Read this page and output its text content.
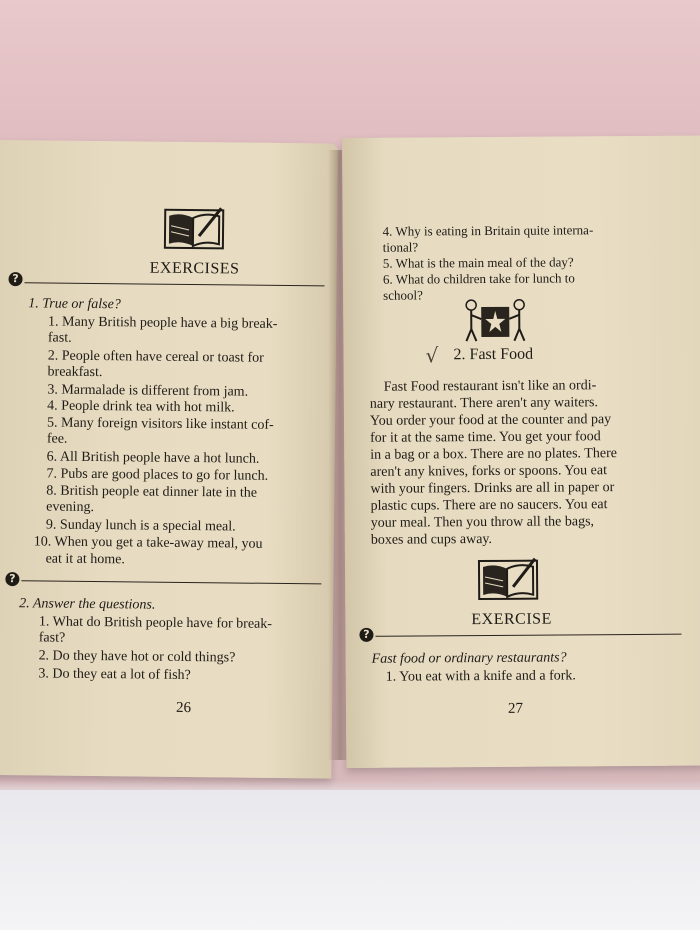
EXERCISES
?
1. True or false?
1. Many British people have a big break-
fast.
2. People often have cereal or toast for
breakfast.
3. Marmalade is different from jam.
4. People drink tea with hot milk.
5. Many foreign visitors like instant cof-
fee.
6. All British people have a hot lunch.
7. Pubs are good places to go for lunch.
8. British people eat dinner late in the
evening.
9. Sunday lunch is a special meal.
10. When you get a take-away meal, you
eat it at home.
?
2. Answer the questions.
1. What do British people have for break-
fast?
2. Do they have hot or cold things?
3. Do they eat a lot of fish?
26
4. Why is eating in Britain quite interna-
tional?
5. What is the main meal of the day?
6. What do children take for lunch to
school?
√ 2. Fast Food
Fast Food restaurant isn't like an ordi-
nary restaurant. There aren't any waiters.
You order your food at the counter and pay
for it at the same time. You get your food
in a bag or a box. There are no plates. There
aren't any knives, forks or spoons. You eat
with your fingers. Drinks are all in paper or
plastic cups. There are no saucers. You eat
your meal. Then you throw all the bags,
boxes and cups away.
EXERCISE
?
Fast food or ordinary restaurants?
1. You eat with a knife and a fork.
27
